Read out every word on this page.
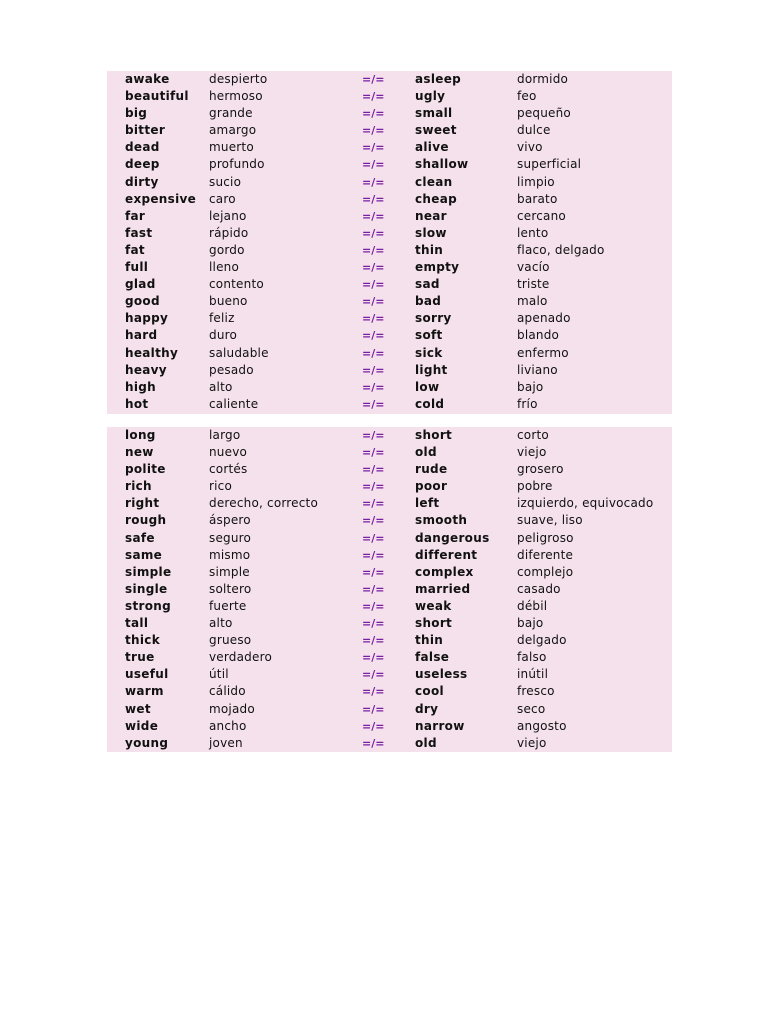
awake	despierto	=/=	asleep	dormido
beautiful hermoso	=/=	ugly	feo
big	grande	=/=	small	pequeño
bitter	amargo	=/=	sweet	dulce
dead	muerto	=/=	alive	vivo
deep	profundo	=/=	shallow	superficial
dirty	sucio	=/=	clean	limpio
expensive caro	=/=	cheap	barato
far	lejano	=/=	near	cercano
fast	rápido	=/=	slow	lento
fat	gordo	=/=	thin	flaco, delgado
full	lleno	=/=	empty	vacío
glad	contento	=/=	sad	triste
good	bueno	=/=	bad	malo
happy	feliz	=/=	sorry	apenado
hard	duro	=/=	soft	blando
healthy	saludable	=/=	sick	enfermo
heavy	pesado	=/=	light	liviano
high	alto	=/=	low	bajo
hot	caliente	=/=	cold	frío
long	largo	=/=	short	corto
new	nuevo	=/=	old	viejo
polite	cortés	=/=	rude	grosero
rich	rico	=/=	poor	pobre
right	derecho, correcto	=/=	left	izquierdo, equivocado
rough	áspero	=/=	smooth	suave, liso
safe	seguro	=/=	dangerous peligroso
same	mismo	=/=	different	diferente
simple	simple	=/=	complex	complejo
single	soltero	=/=	married	casado
strong	fuerte	=/=	weak	débil
tall	alto	=/=	short	bajo
thick	grueso	=/=	thin	delgado
true	verdadero	=/=	false	falso
useful	útil	=/=	useless	inútil
warm	cálido	=/=	cool	fresco
wet	mojado	=/=	dry	seco
wide	ancho	=/=	narrow	angosto
young	joven	=/=	old	viejo
